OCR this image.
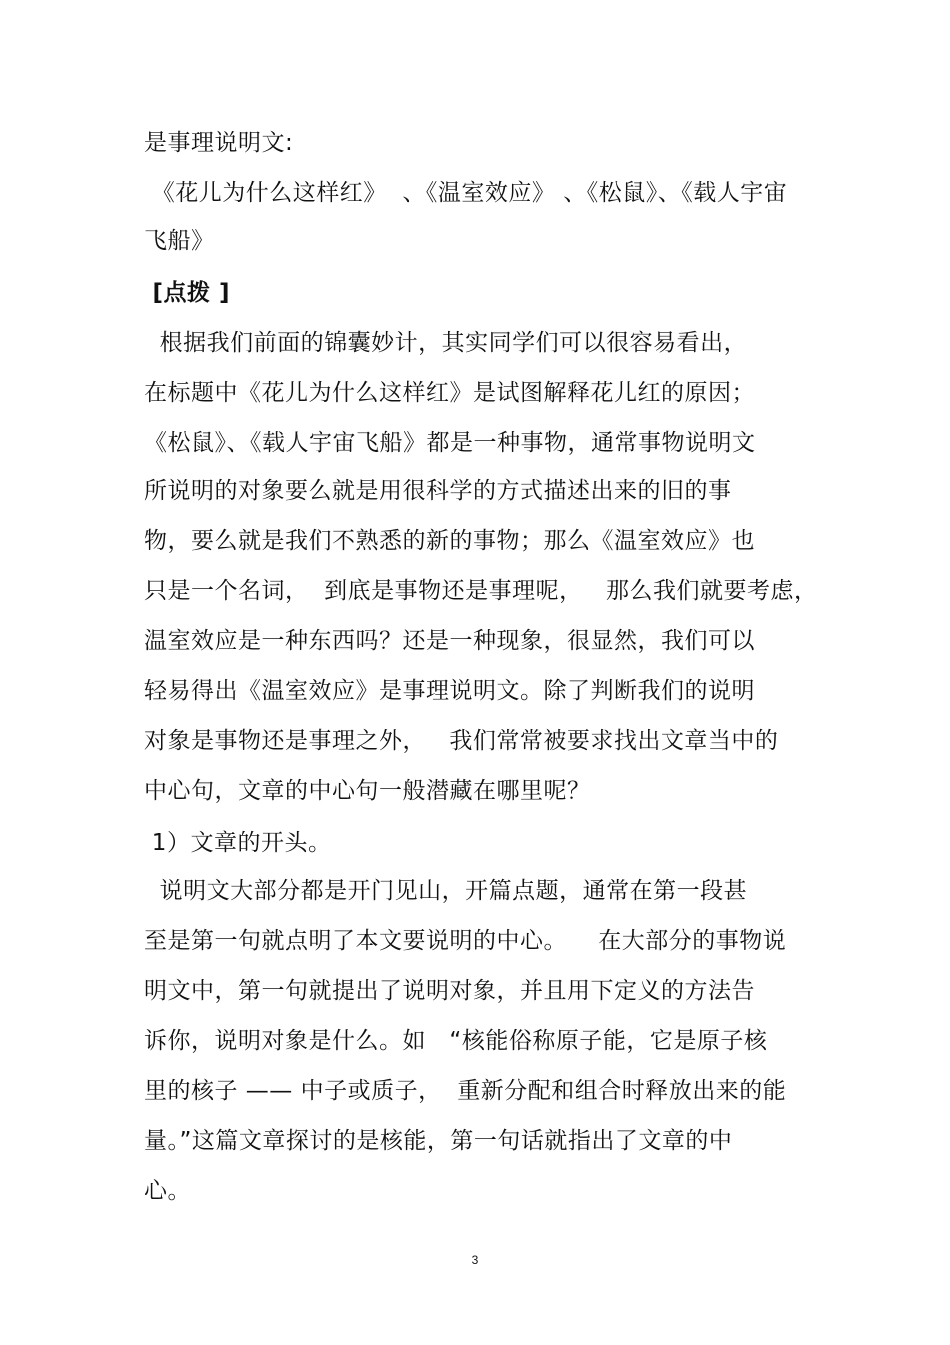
是事理说明文:
《花儿为什么这样红》  、《温室效应》 、《松鼠》、《载人宇宙
飞船》
[点拨 ]
根据我们前面的锦囊妙计，其实同学们可以很容易看出，
在标题中《花儿为什么这样红》是试图解释花儿红的原因；
《松鼠》、《载人宇宙飞船》都是一种事物，通常事物说明文
所说明的对象要么就是用很科学的方式描述出来的旧的事
物，要么就是我们不熟悉的新的事物；那么《温室效应》也
只是一个名词，  到底是事物还是事理呢，   那么我们就要考虑，
温室效应是一种东西吗？还是一种现象，很显然，我们可以
轻易得出《温室效应》是事理说明文。除了判断我们的说明
对象是事物还是事理之外，   我们常常被要求找出文章当中的
中心句，文章的中心句一般潜藏在哪里呢？
1）文章的开头。
说明文大部分都是开门见山，开篇点题，通常在第一段甚
至是第一句就点明了本文要说明的中心。    在大部分的事物说
明文中，第一句就提出了说明对象，并且用下定义的方法告
诉你，说明对象是什么。如   “核能俗称原子能，它是原子核
里的核子 —— 中子或质子，  重新分配和组合时释放出来的能
量。”这篇文章探讨的是核能，第一句话就指出了文章的中
心。
3
